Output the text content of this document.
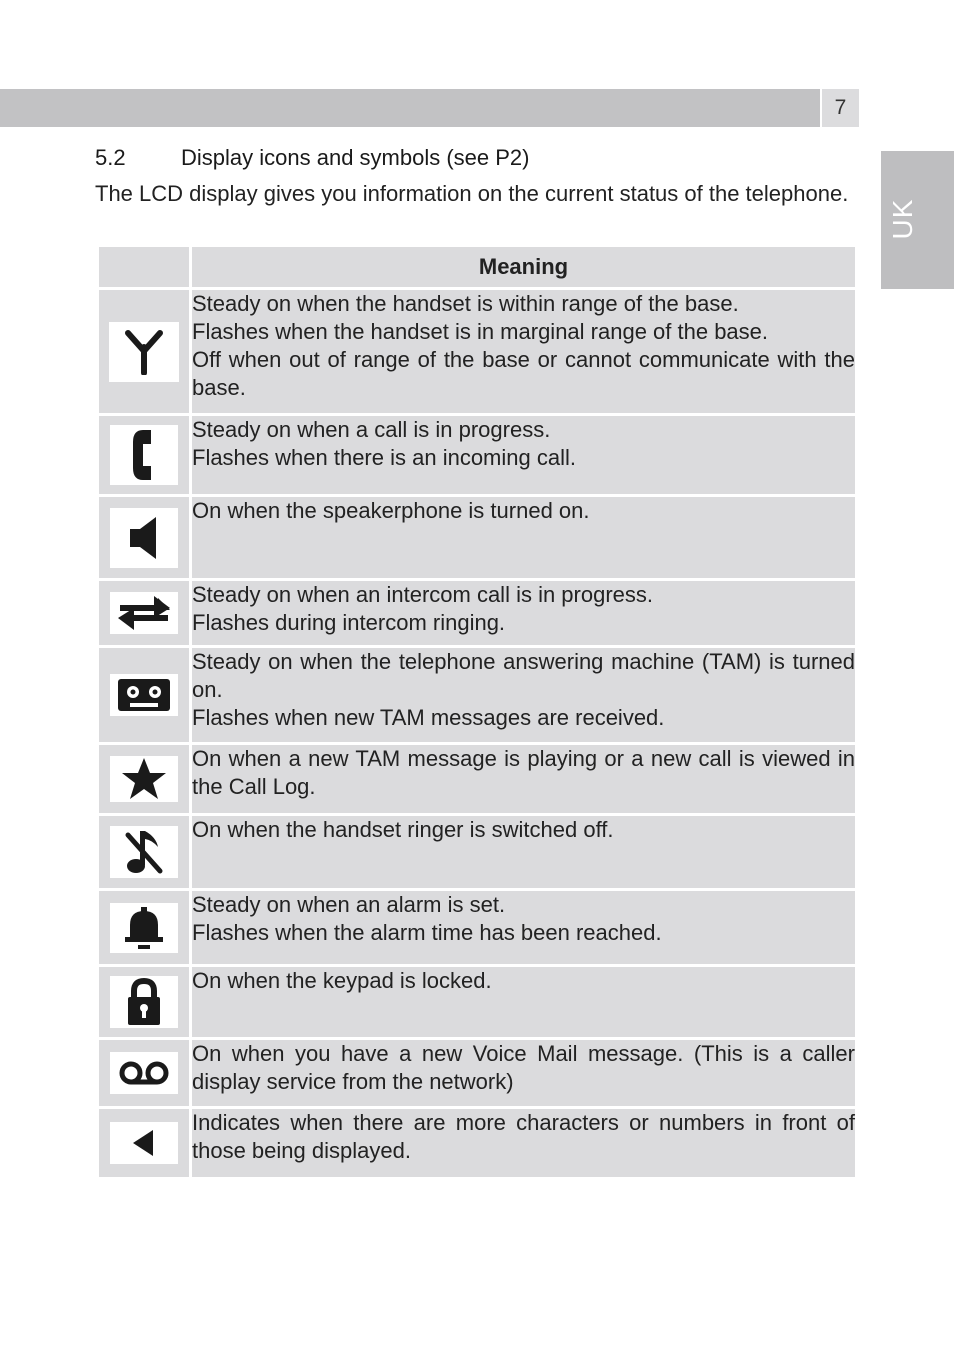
7
UK
5.2	Display icons and symbols (see P2)
The LCD display gives you information on the current status of the telephone.
	Meaning

Steady on when the handset is within range of the base.
Flashes when the handset is in marginal range of the base.
Off when out of range of the base or cannot communicate with the base.

Steady on when a call is in progress.
Flashes when there is an incoming call.

On when the speakerphone is turned on.

Steady on when an intercom call is in progress.
Flashes during intercom ringing.

Steady on when the telephone answering machine (TAM) is turned on.
Flashes when new TAM messages are received.

On when a new TAM message is playing or a new call is viewed in the Call Log.

On when the handset ringer is switched off.

Steady on when an alarm is set.
Flashes when the alarm time has been reached.

On when the keypad is locked.

On when you have a new Voice Mail message. (This is a caller display service from the network)

Indicates when there are more characters or numbers in front of those being displayed.
